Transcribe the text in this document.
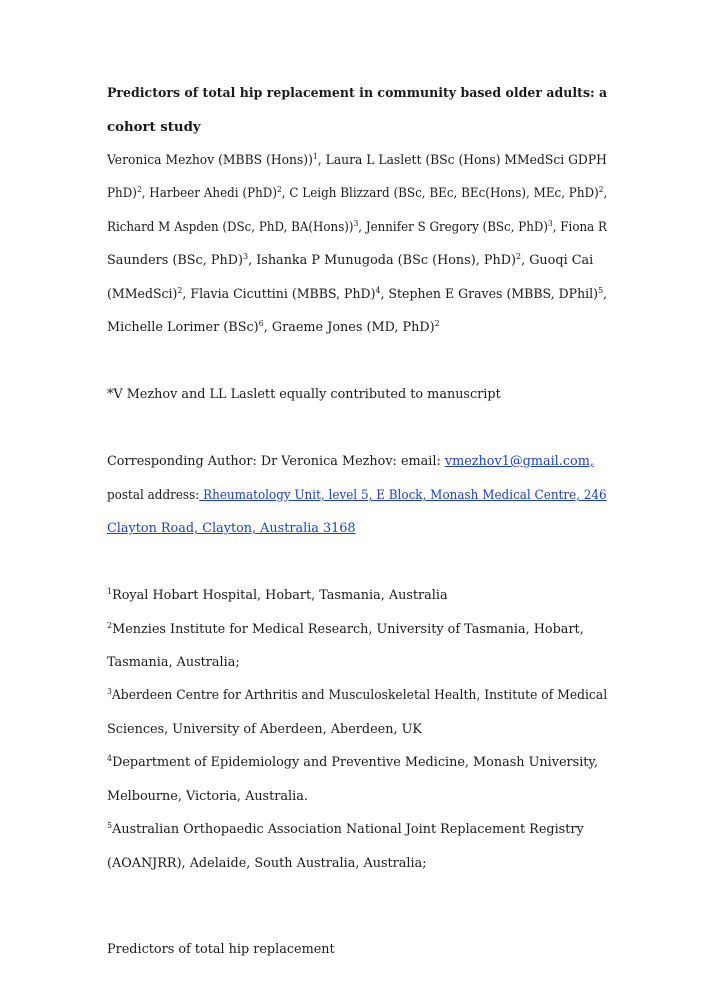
Predictors of total hip replacement in community based older adults: a
cohort study
Veronica Mezhov (MBBS (Hons))$^1$, Laura L Laslett (BSc (Hons) MMedSci GDPH
PhD)$^2$, Harbeer Ahedi (PhD)$^2$, C Leigh Blizzard (BSc, BEc, BEc(Hons), MEc, PhD)$^2$,
Richard M Aspden (DSc, PhD, BA(Hons))$^3$, Jennifer S Gregory (BSc, PhD)$^3$, Fiona R
Saunders (BSc, PhD)$^3$, Ishanka P Munugoda (BSc (Hons), PhD)$^2$, Guoqi Cai
(MMedSci)$^2$, Flavia Cicuttini (MBBS, PhD)$^4$, Stephen E Graves (MBBS, DPhil)$^5$,
Michelle Lorimer (BSc)$^6$, Graeme Jones (MD, PhD)$^2$
*V Mezhov and LL Laslett equally contributed to manuscript
Corresponding Author: Dr Veronica Mezhov: email: vmezhov1@gmail.com,
postal address: Rheumatology Unit, level 5, E Block, Monash Medical Centre, 246
Clayton Road, Clayton, Australia 3168
$^1$Royal Hobart Hospital, Hobart, Tasmania, Australia
$^2$Menzies Institute for Medical Research, University of Tasmania, Hobart,
Tasmania, Australia;
$^3$Aberdeen Centre for Arthritis and Musculoskeletal Health, Institute of Medical
Sciences, University of Aberdeen, Aberdeen, UK
$^4$Department of Epidemiology and Preventive Medicine, Monash University,
Melbourne, Victoria, Australia.
$^5$Australian Orthopaedic Association National Joint Replacement Registry
(AOANJRR), Adelaide, South Australia, Australia;
Predictors of total hip replacement
